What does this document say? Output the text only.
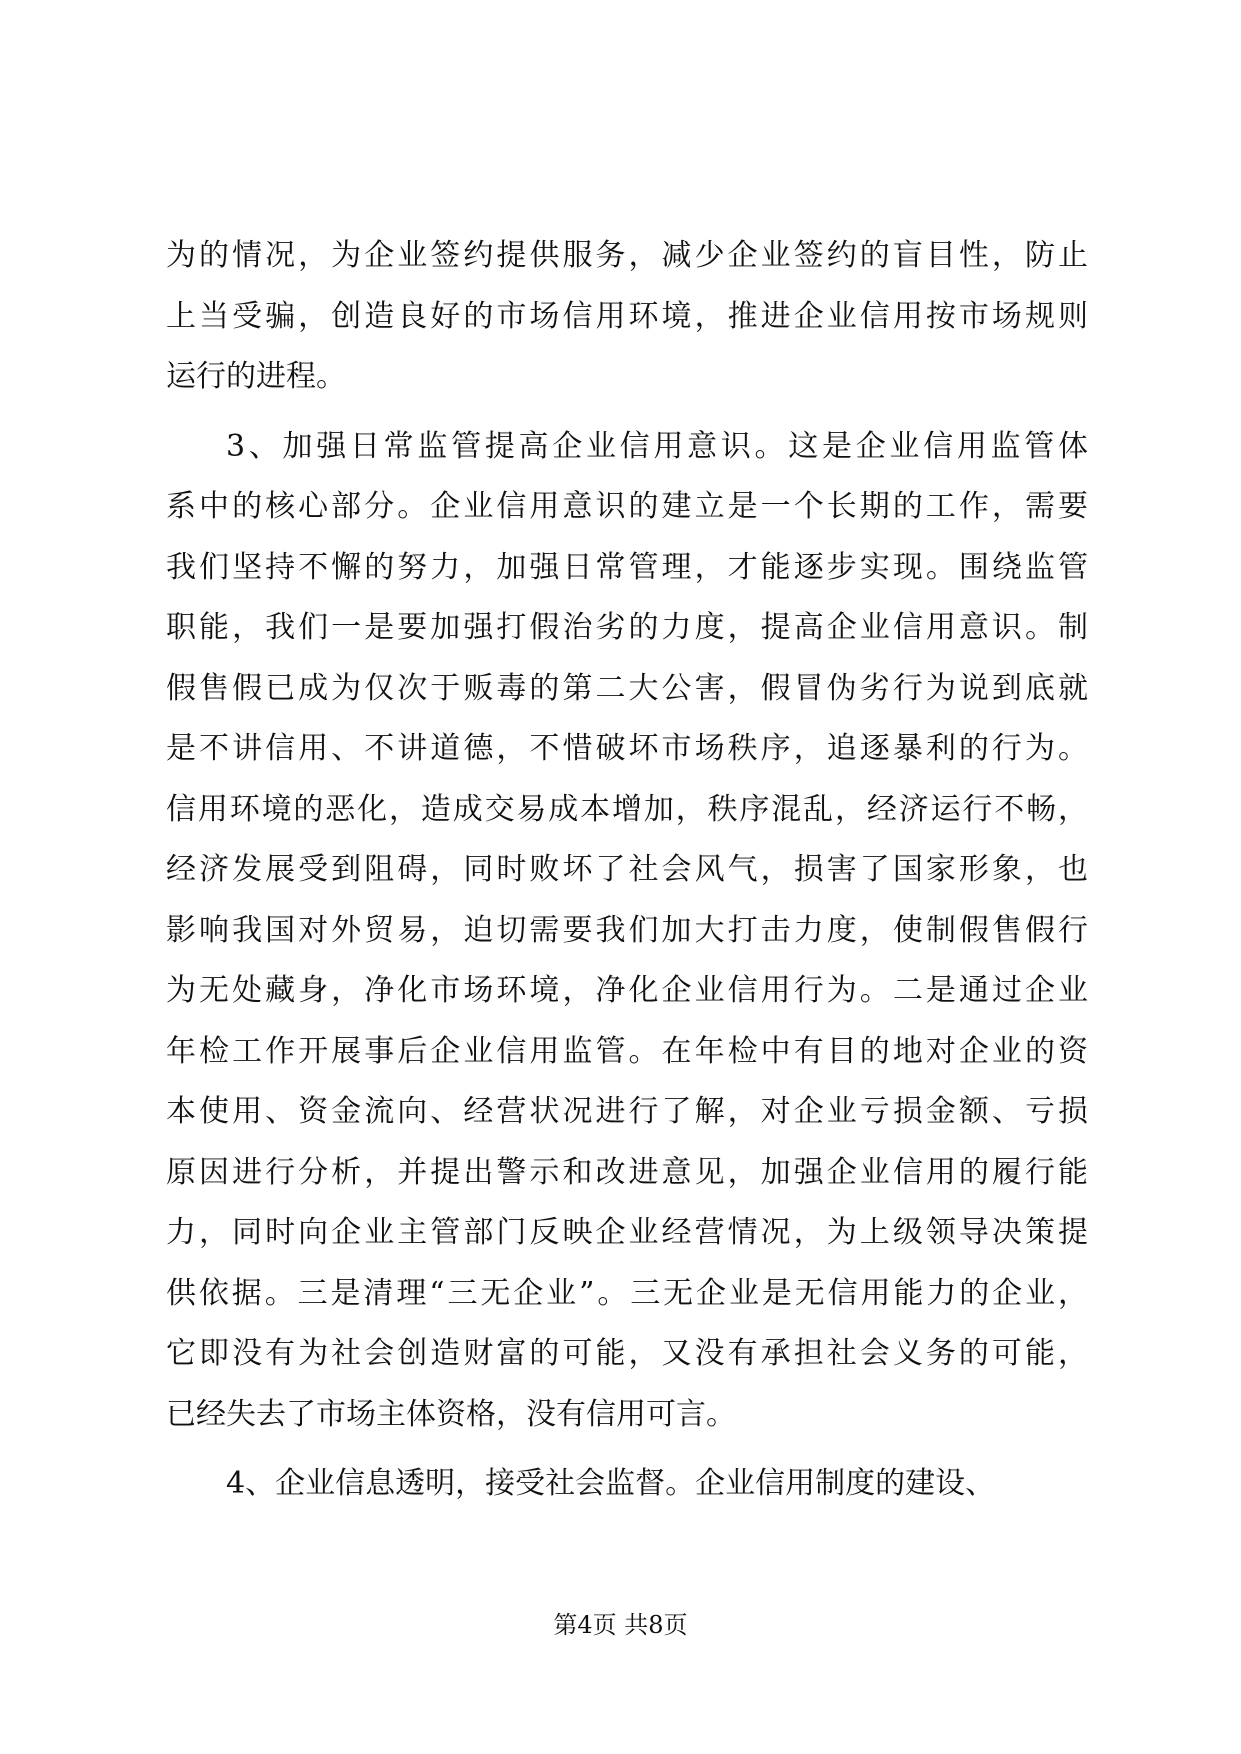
为的情况，为企业签约提供服务，减少企业签约的盲目性，防止
上当受骗，创造良好的市场信用环境，推进企业信用按市场规则
运行的进程。
3、加强日常监管提高企业信用意识。这是企业信用监管体
系中的核心部分。企业信用意识的建立是一个长期的工作，需要
我们坚持不懈的努力，加强日常管理，才能逐步实现。围绕监管
职能，我们一是要加强打假治劣的力度，提高企业信用意识。制
假售假已成为仅次于贩毒的第二大公害，假冒伪劣行为说到底就
是不讲信用、不讲道德，不惜破坏市场秩序，追逐暴利的行为。
信用环境的恶化，造成交易成本增加，秩序混乱，经济运行不畅，
经济发展受到阻碍，同时败坏了社会风气，损害了国家形象，也
影响我国对外贸易，迫切需要我们加大打击力度，使制假售假行
为无处藏身，净化市场环境，净化企业信用行为。二是通过企业
年检工作开展事后企业信用监管。在年检中有目的地对企业的资
本使用、资金流向、经营状况进行了解，对企业亏损金额、亏损
原因进行分析，并提出警示和改进意见，加强企业信用的履行能
力，同时向企业主管部门反映企业经营情况，为上级领导决策提
供依据。三是清理“三无企业”。三无企业是无信用能力的企业，
它即没有为社会创造财富的可能，又没有承担社会义务的可能，
已经失去了市场主体资格，没有信用可言。
4、企业信息透明，接受社会监督。企业信用制度的建设、
第4页 共8页
